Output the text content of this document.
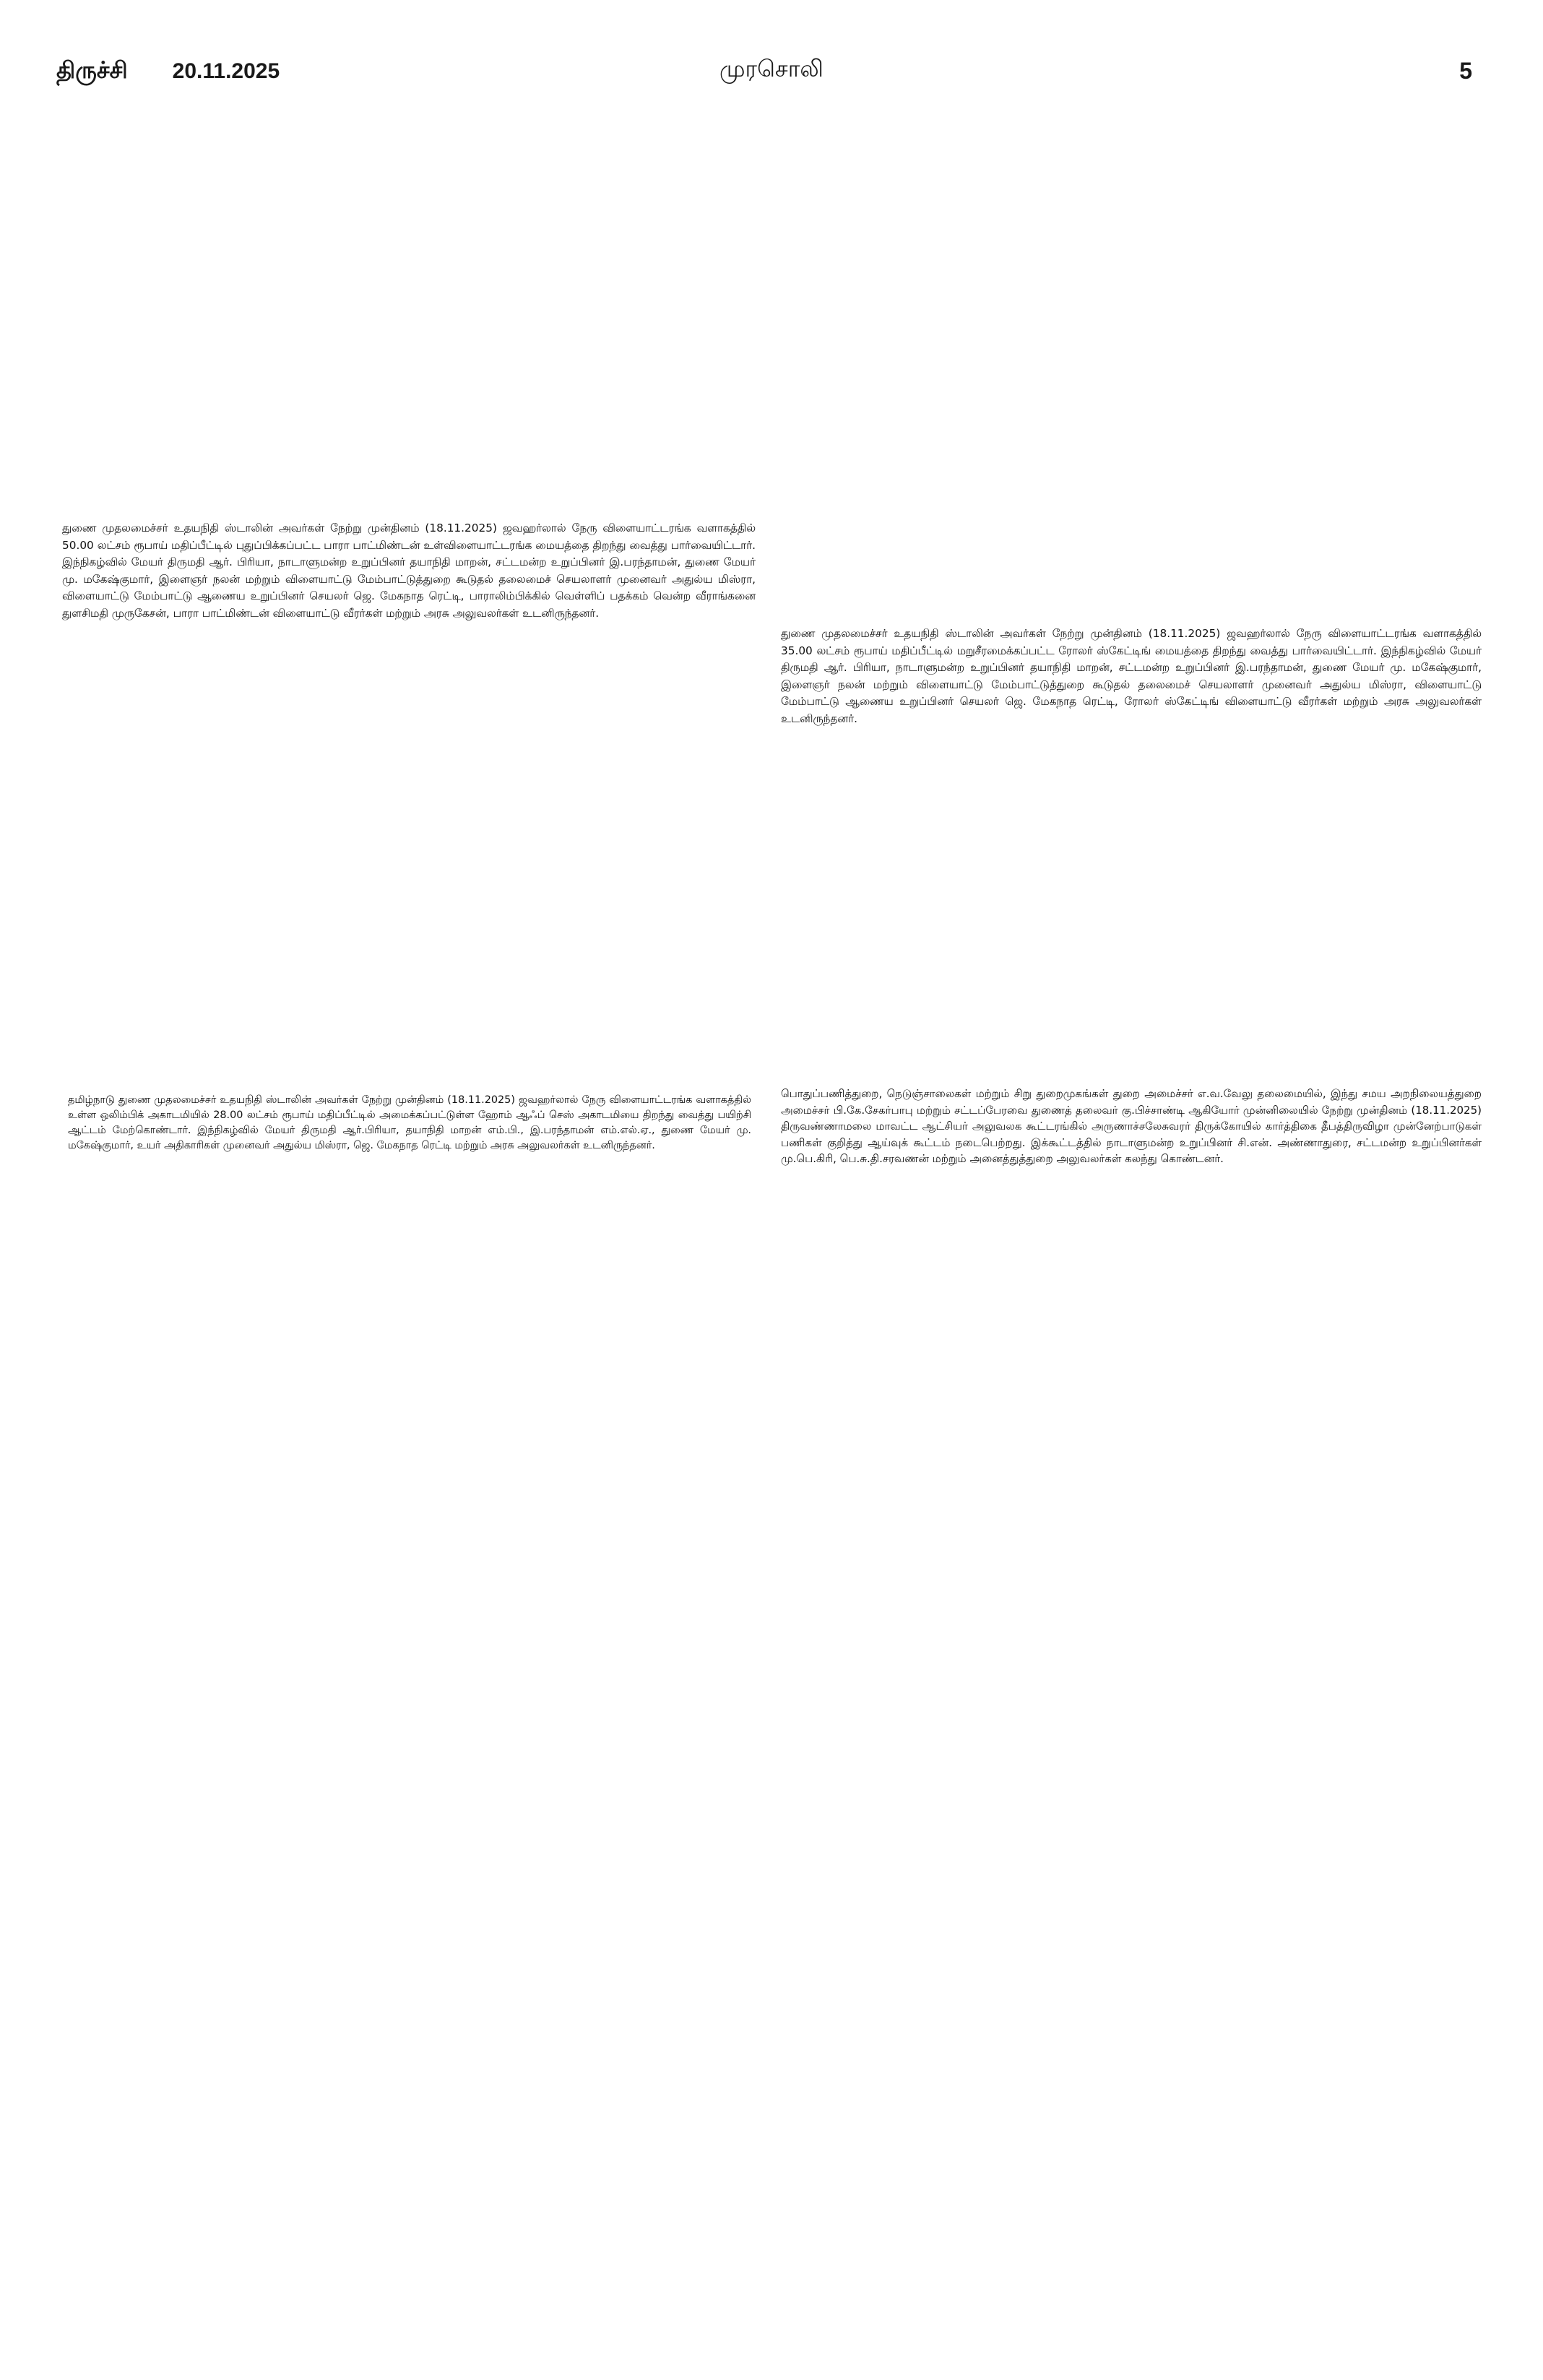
திருச்சி 20.11.2025	முரசொலி	5
துணை முதலமைச்சர் உதயநிதி ஸ்டாலின் அவர்கள் நேற்று முன்தினம் (18.11.2025) ஜவஹர்லால் நேரு விளையாட்டரங்க வளாகத்தில் 50.00 லட்சம் ரூபாய் மதிப்பீட்டில் புதுப்பிக்கப்பட்ட பாரா பாட்மிண்டன் உள்விளையாட்டரங்க மையத்தை திறந்து வைத்து பார்வையிட்டார். இந்நிகழ்வில் மேயர் திருமதி ஆர். பிரியா, நாடாளுமன்ற உறுப்பினர் தயாநிதி மாறன், சட்டமன்ற உறுப்பினர் இ.பரந்தாமன், துணை மேயர் மு. மகேஷ்குமார், இளைஞர் நலன் மற்றும் விளையாட்டு மேம்பாட்டுத்துறை கூடுதல் தலைமைச் செயலாளர் முனைவர் அதுல்ய மிஸ்ரா, விளையாட்டு மேம்பாட்டு ஆணைய உறுப்பினர் செயலர் ஜெ. மேகநாத ரெட்டி, பாராலிம்பிக்கில் வெள்ளிப் பதக்கம் வென்ற வீராங்கனை துளசிமதி முருகேசன், பாரா பாட்மிண்டன் விளையாட்டு வீரர்கள் மற்றும் அரசு அலுவலர்கள் உடனிருந்தனர்.
துணை முதலமைச்சர் உதயநிதி ஸ்டாலின் அவர்கள் நேற்று முன்தினம் (18.11.2025) ஜவஹர்லால் நேரு விளையாட்டரங்க வளாகத்தில் 35.00 லட்சம் ரூபாய் மதிப்பீட்டில் மறுசீரமைக்கப்பட்ட ரோலர் ஸ்கேட்டிங் மையத்தை திறந்து வைத்து பார்வையிட்டார். இந்நிகழ்வில் மேயர் திருமதி ஆர். பிரியா, நாடாளுமன்ற உறுப்பினர் தயாநிதி மாறன், சட்டமன்ற உறுப்பினர் இ.பரந்தாமன், துணை மேயர் மு. மகேஷ்குமார், இளைஞர் நலன் மற்றும் விளையாட்டு மேம்பாட்டுத்துறை கூடுதல் தலைமைச் செயலாளர் முனைவர் அதுல்ய மிஸ்ரா, விளையாட்டு மேம்பாட்டு ஆணைய உறுப்பினர் செயலர் ஜெ. மேகநாத ரெட்டி, ரோலர் ஸ்கேட்டிங் விளையாட்டு வீரர்கள் மற்றும் அரசு அலுவலர்கள் உடனிருந்தனர்.
தமிழ்நாடு துணை முதலமைச்சர் உதயநிதி ஸ்டாலின் அவர்கள் நேற்று முன்தினம் (18.11.2025) ஜவஹர்லால் நேரு விளையாட்டரங்க வளாகத்தில் உள்ள ஒலிம்பிக் அகாடமியில் 28.00 லட்சம் ரூபாய் மதிப்பீட்டில் அமைக்கப்பட்டுள்ள ஹோம் ஆஃப் செஸ் அகாடமியை திறந்து வைத்து பயிற்சி ஆட்டம் மேற்கொண்டார். இந்நிகழ்வில் மேயர் திருமதி ஆர்.பிரியா, தயாநிதி மாறன் எம்.பி., இ.பரந்தாமன் எம்.எல்.ஏ., துணை மேயர் மு. மகேஷ்குமார், உயர் அதிகாரிகள் முனைவர் அதுல்ய மிஸ்ரா, ஜெ. மேகநாத ரெட்டி மற்றும் அரசு அலுவலர்கள் உடனிருந்தனர்.
பொதுப்பணித்துறை, நெடுஞ்சாலைகள் மற்றும் சிறு துறைமுகங்கள் துறை அமைச்சர் எ.வ.வேலு தலைமையில், இந்து சமய அறநிலையத்துறை அமைச்சர் பி.கே.சேகர்பாபு மற்றும் சட்டப்பேரவை துணைத் தலைவர் கு.பிச்சாண்டி ஆகியோர் முன்னிலையில் நேற்று முன்தினம் (18.11.2025) திருவண்ணாமலை மாவட்ட ஆட்சியர் அலுவலக கூட்டரங்கில் அருணாச்சலேசுவரர் திருக்கோயில் கார்த்திகை தீபத்திருவிழா முன்னேற்பாடுகள் பணிகள் குறித்து ஆய்வுக் கூட்டம் நடைபெற்றது. இக்கூட்டத்தில் நாடாளுமன்ற உறுப்பினர் சி.என். அண்ணாதுரை, சட்டமன்ற உறுப்பினர்கள் மு.பெ.கிரி, பெ.சு.தி.சரவணன் மற்றும் அனைத்துத்துறை அலுவலர்கள் கலந்து கொண்டனர்.
